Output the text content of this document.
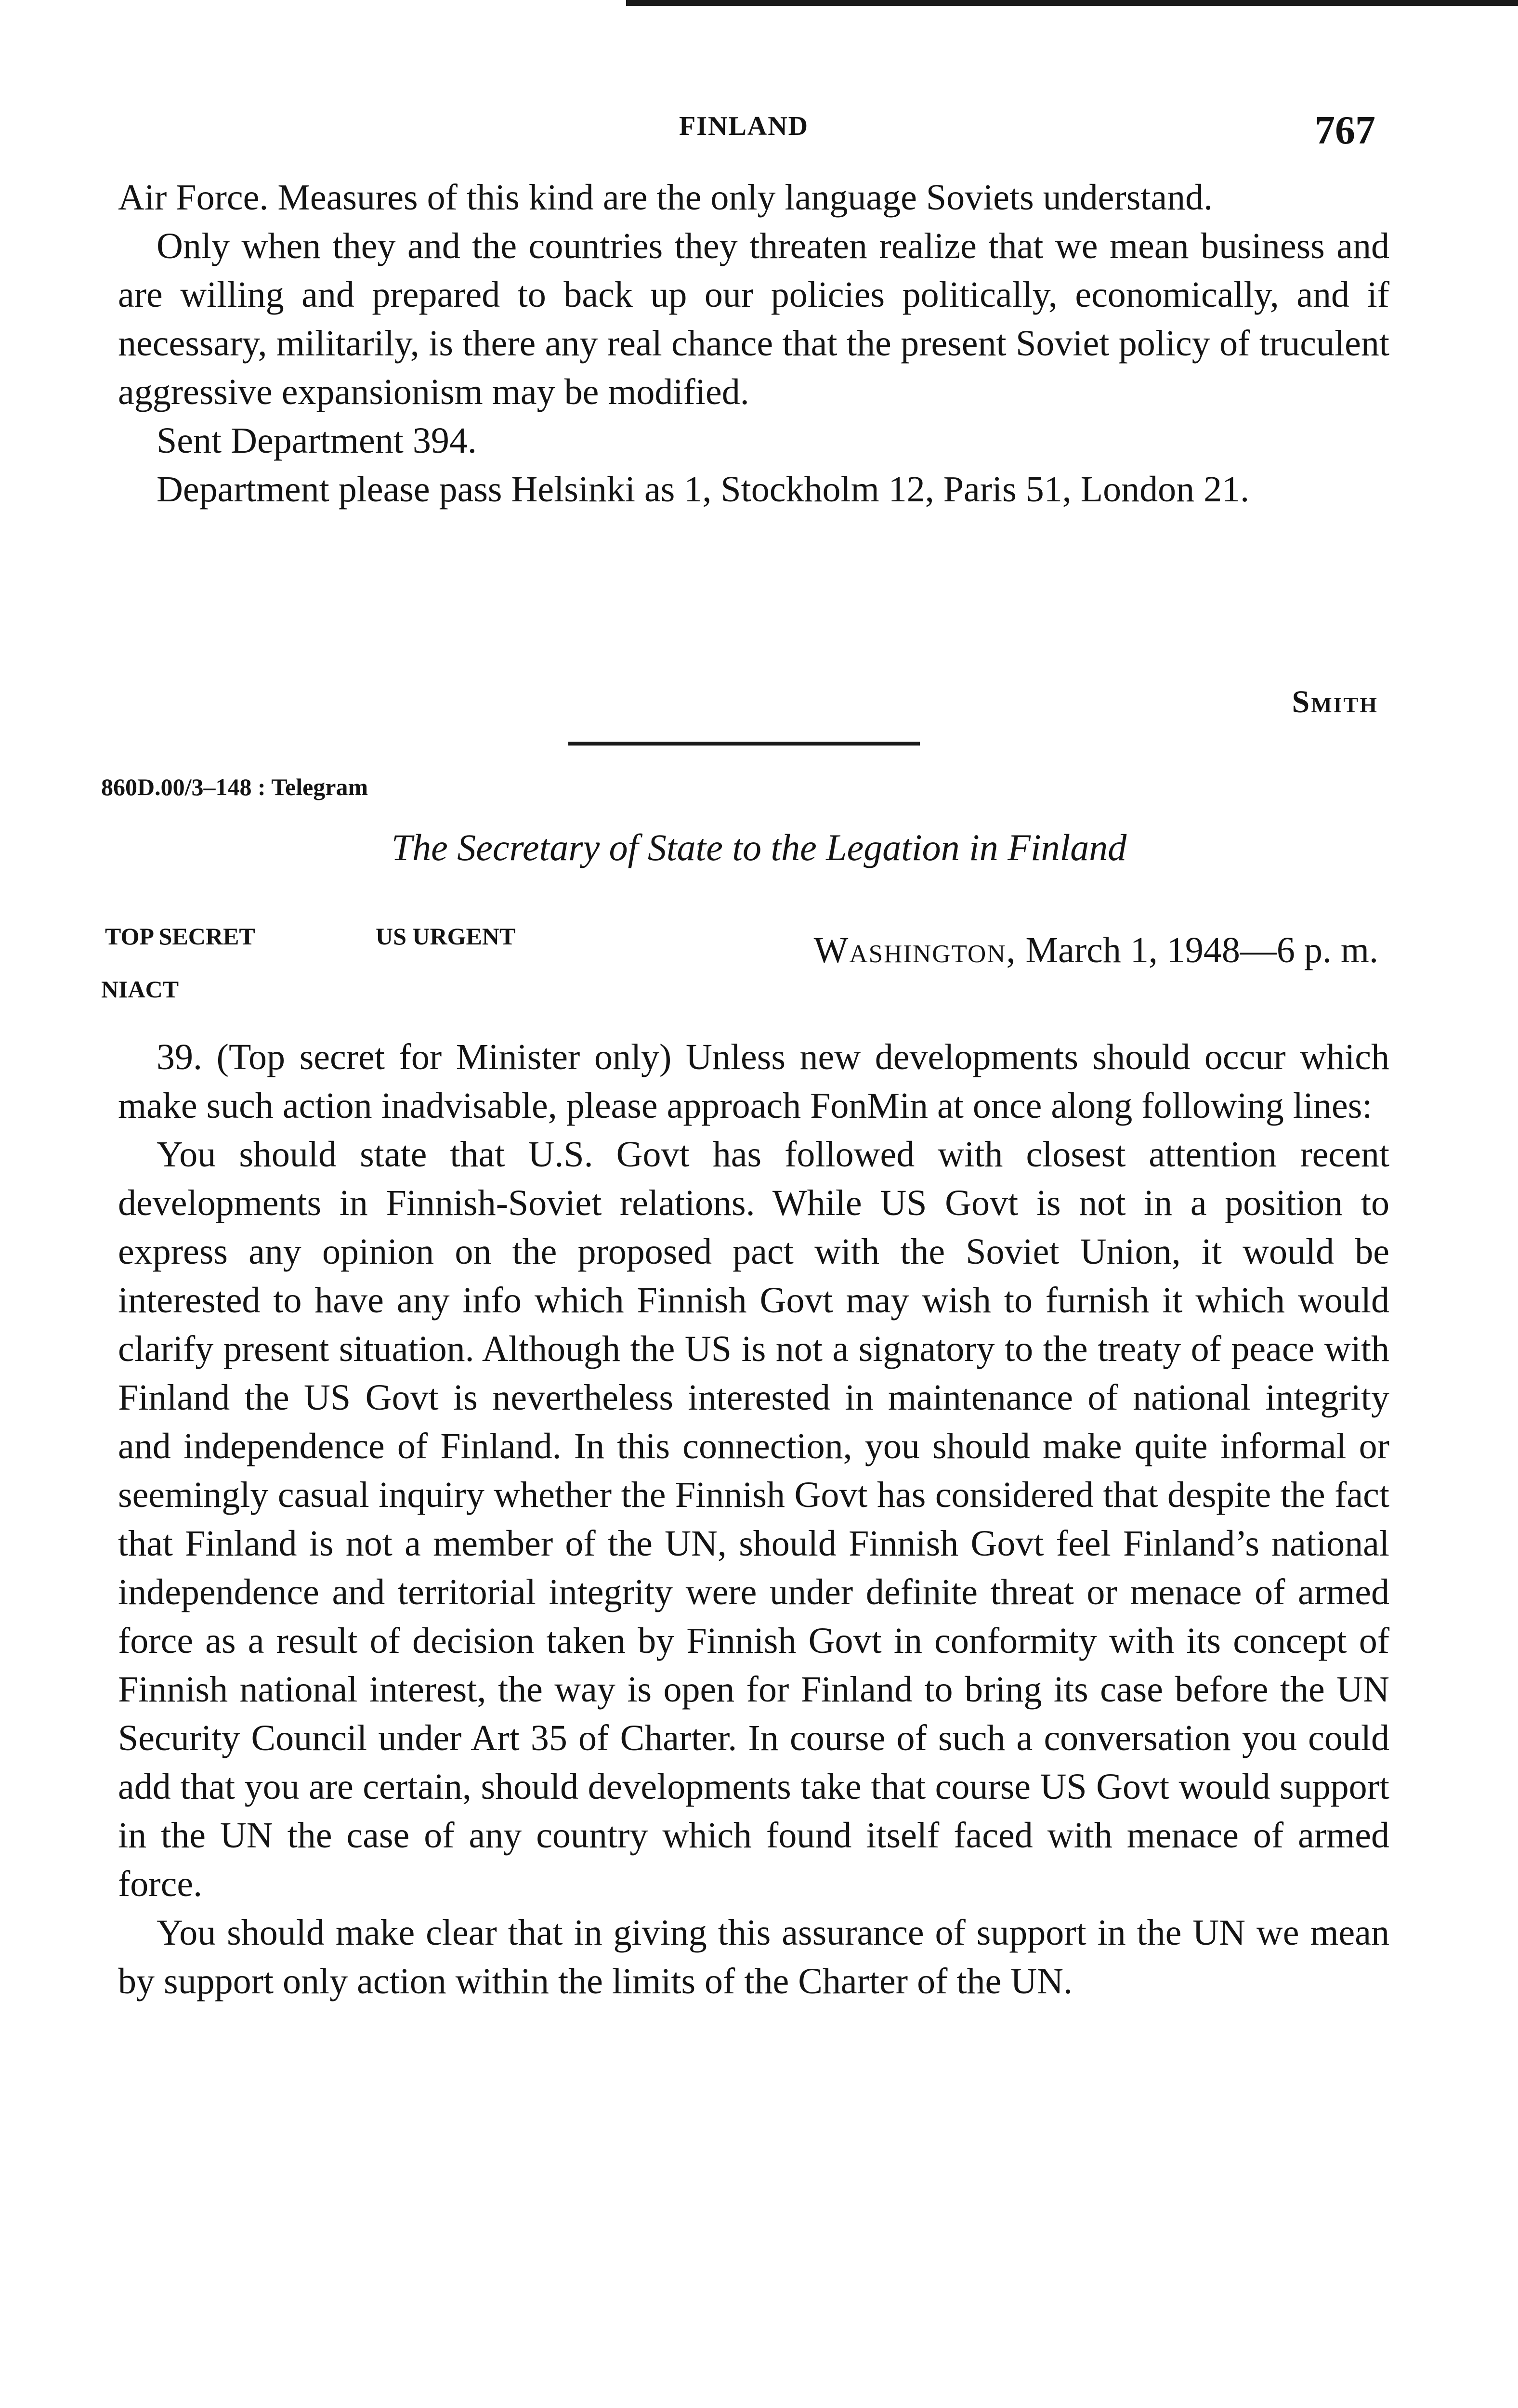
FINLAND	767

Air Force. Measures of this kind are the only language Soviets understand.

Only when they and the countries they threaten realize that we mean business and are willing and prepared to back up our policies politically, economically, and if necessary, militarily, is there any real chance that the present Soviet policy of truculent aggressive expansionism may be modified.

Sent Department 394.

Department please pass Helsinki as 1, Stockholm 12, Paris 51, London 21.

Smith
860D.00/3–148 : Telegram
The Secretary of State to the Legation in Finland
TOP SECRET	US URGENT	Washington, March 1, 1948—6 p. m.
NIACT

39. (Top secret for Minister only) Unless new developments should occur which make such action inadvisable, please approach FonMin at once along following lines:

You should state that U.S. Govt has followed with closest attention recent developments in Finnish-Soviet relations. While US Govt is not in a position to express any opinion on the proposed pact with the Soviet Union, it would be interested to have any info which Finnish Govt may wish to furnish it which would clarify present situation. Although the US is not a signatory to the treaty of peace with Finland the US Govt is nevertheless interested in maintenance of national integrity and independence of Finland. In this connection, you should make quite informal or seemingly casual inquiry whether the Finnish Govt has considered that despite the fact that Finland is not a member of the UN, should Finnish Govt feel Finland’s national independence and territorial integrity were under definite threat or menace of armed force as a result of decision taken by Finnish Govt in conformity with its concept of Finnish national interest, the way is open for Finland to bring its case before the UN Security Council under Art 35 of Charter. In course of such a conversation you could add that you are certain, should developments take that course US Govt would support in the UN the case of any country which found itself faced with menace of armed force.

You should make clear that in giving this assurance of support in the UN we mean by support only action within the limits of the Charter of the UN.
